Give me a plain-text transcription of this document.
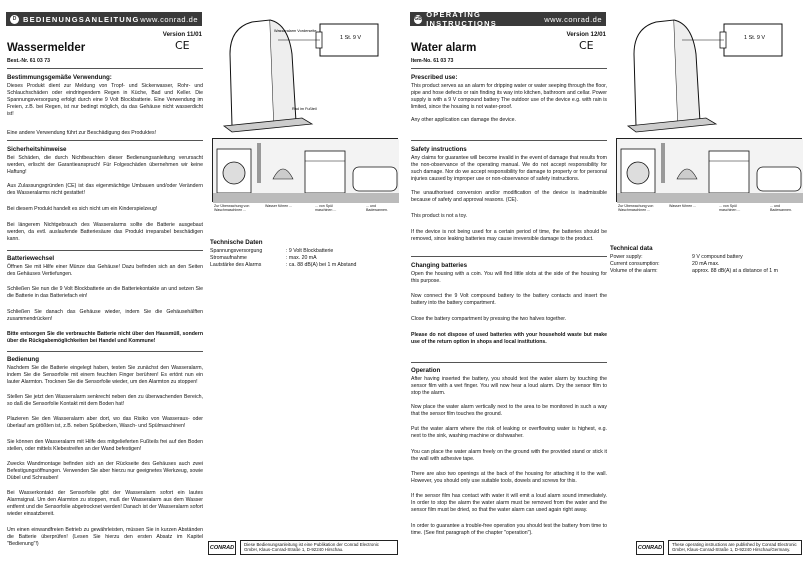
D BEDIENUNGSANLEITUNG www.conrad.de
Version 11/01
CE
Wassermelder
Best.-Nr. 61 03 73
Bestimmungsgemäße Verwendung:
Dieses Produkt dient zur Meldung von Tropf- und Sickerwasser, Rohr- und Schlauchschäden oder eindringendem Regen in Küche, Bad und Keller. Die Spannungsversorgung erfolgt durch eine 9 Volt Blockbatterie. Eine Verwendung im Freien, z.B. bei Regen, ist nur bedingt möglich, da das Gehäuse nicht wasserdicht ist!
Eine andere Verwendung führt zur Beschädigung des Produktes!
Sicherheitshinweise
Bei Schäden, die durch Nichtbeachten dieser Bedienungsanleitung verursacht werden, erlischt der Garantieanspruch! Für Folgeschäden übernehmen wir keine Haftung!
Aus Zulassungsgründen (CE) ist das eigenmächtige Umbauen und/oder Verändern des Wasseralarms nicht gestattet!
Bei diesem Produkt handelt es sich nicht um ein Kinderspielzeug!
Bei längerem Nichtgebrauch des Wasseralarms sollte die Batterie ausgebaut werden, da evtl. auslaufende Batteriesäure das Produkt irreparabel beschädigen kann.
Batteriewechsel
Öffnen Sie mit Hilfe einer Münze das Gehäuse! Dazu befinden sich an den Seiten des Gehäuses Vertiefungen.
Schließen Sie nun die 9 Volt Blockbatterie an die Batteriekontakte an und setzen Sie die Batterie in das Batteriefach ein!
Schließen Sie danach das Gehäuse wieder, indem Sie die Gehäusehälften zusammendrücken!
Bitte entsorgen Sie die verbrauchte Batterie nicht über den Hausmüll, sondern über die Rückgabemöglichkeiten bei Handel und Kommune!
Bedienung
Nachdem Sie die Batterie eingelegt haben, testen Sie zunächst den Wasseralarm, indem Sie die Sensorfolie mit einem feuchten Finger berühren! Es ertönt nun ein lauter Alarmton. Trocknen Sie die Sensorfolie wieder, um den Alarmton zu stoppen!
Stellen Sie jetzt den Wasseralarm senkrecht neben den zu überwachenden Bereich, so daß die Sensorfolie Kontakt mit dem Boden hat!
Plazieren Sie den Wasseralarm aber dort, wo das Risiko von Wasseraus- oder überlauf am größten ist, z.B. neben Spülbecken, Wasch- und Spülmaschinen!
Sie können den Wasseralarm mit Hilfe des mitgelieferten Fußteils frei auf den Boden stellen, oder mittels Klebestreifen an der Wand befestigen!
Zwecks Wandmontage befinden sich an der Rückseite des Gehäuses auch zwei Befestigungsöffnungen. Verwenden Sie aber hierzu nur geeignetes Werkzeug, sowie Dübel und Schrauben!
Bei Wasserkontakt der Sensorfolie gibt der Wasseralarm sofort ein lautes Alarmsignal. Um den Alarmton zu stoppen, muß der Wasseralarm aus dem Wasser entfernt und die Sensorfolie abgetrocknet werden! Danach ist der Wasseralarm sofort wieder einsatzbereit.
Um einen einwandfreien Betrieb zu gewährleisten, müssen Sie in kurzen Abständen die Batterie überprüfen! (Lesen Sie hierzu den ersten Absatz im Kapitel "Bedienung"!)
1 St. 9 V
Wasseralarm Vorderseite
Rad im Fußteil
Zur Überwachung von Waschmaschinen ...
Wasser führen ...	... von Spül maschinen ...
... und Badewannen.
Technische Daten
Spannungsversorgung	: 9 Volt Blockbatterie
Stromaufnahme	: max. 20 mA
Lautstärke des Alarms	: ca. 88 dB(A) bei 1 m Abstand
CONRAD
Diese Bedienungsanleitung ist eine Publikation der Conrad Electronic GmbH, Klaus-Conrad-Straße 1, D-92240 Hirschau.
GB OPERATING INSTRUCTIONS	www.conrad.de
Version 12/01
CE
Water alarm
Item-No. 61 03 73
Prescribed use:
This product serves as an alarm for dripping water or water seeping through the floor, pipe and hose defects or rain finding its way into kitchen, bathroom and cellar. Power supply is with a 9 V compound battery The outdoor use of the device e.g. with rain is limited, since the housing is not water-proof.
Any other application can damage the device.
Safety instructions
Any claims for guarantee will become invalid in the event of damage that results from the non-observance of the operating manual. We do not accept responsibility for such damage. Nor do we accept responsibility for damage to property or for personal injuries caused by improper use or non-observance of safety instructions.
The unauthorised conversion and/or modification of the device is inadmissible because of safety and approval reasons. (CE).
This product is not a toy.
If the device is not being used for a certain period of time, the batteries should be removed, since leaking batteries may cause irreversible damage to the product.
Changing batteries
Open the housing with a coin. You will find little slots at the side of the housing for this purpose.
Now connect the 9 Volt compound battery to the battery contacts and insert the battery into the battery compartment.
Close the battery compartment by pressing the two halves together.
Please do not dispose of used batteries with your household waste but make use of the return option in shops and local institutions.
Operation
After having inserted the battery, you should test the water alarm by touching the sensor film with a wet finger. You will now hear a loud alarm. Dry the sensor film to stop the alarm.
Now place the water alarm vertically next to the area to be monitored in such a way that the sensor film touches the ground.
Put the water alarm where the risk of leaking or overflowing water is highest, e.g. next to the sink, washing machine or dishwasher.
You can place the water alarm freely on the ground with the provided stand or stick it the wall with adhesive tape.
There are also two openings at the back of the housing for attaching it to the wall. However, you should only use suitable tools, dowels and screws for this.
If the sensor film has contact with water it will emit a loud alarm sound immediately. In order to stop the alarm the water alarm must be removed from the water and the sensor film must be dried, so that the water alarm can used again right away.
In order to guarantee a trouble-free operation you should test the battery from time to time. (See first paragraph of the chapter "operation").
1 St. 9 V
Zur Überwachung von Waschmaschinen ...
Wasser führen ...	... von Spül maschinen ...
... und Badewannen.
Technical data
Power supply:	9 V compound battery
Current consumption:	20 mA max.
Volume of the alarm:	approx. 88 dB(A) at a distance of 1 m
CONRAD
These operating instructions are published by Conrad Electronic GmbH, Klaus-Conrad-Straße 1, D-92240 Hirschau/Germany.
